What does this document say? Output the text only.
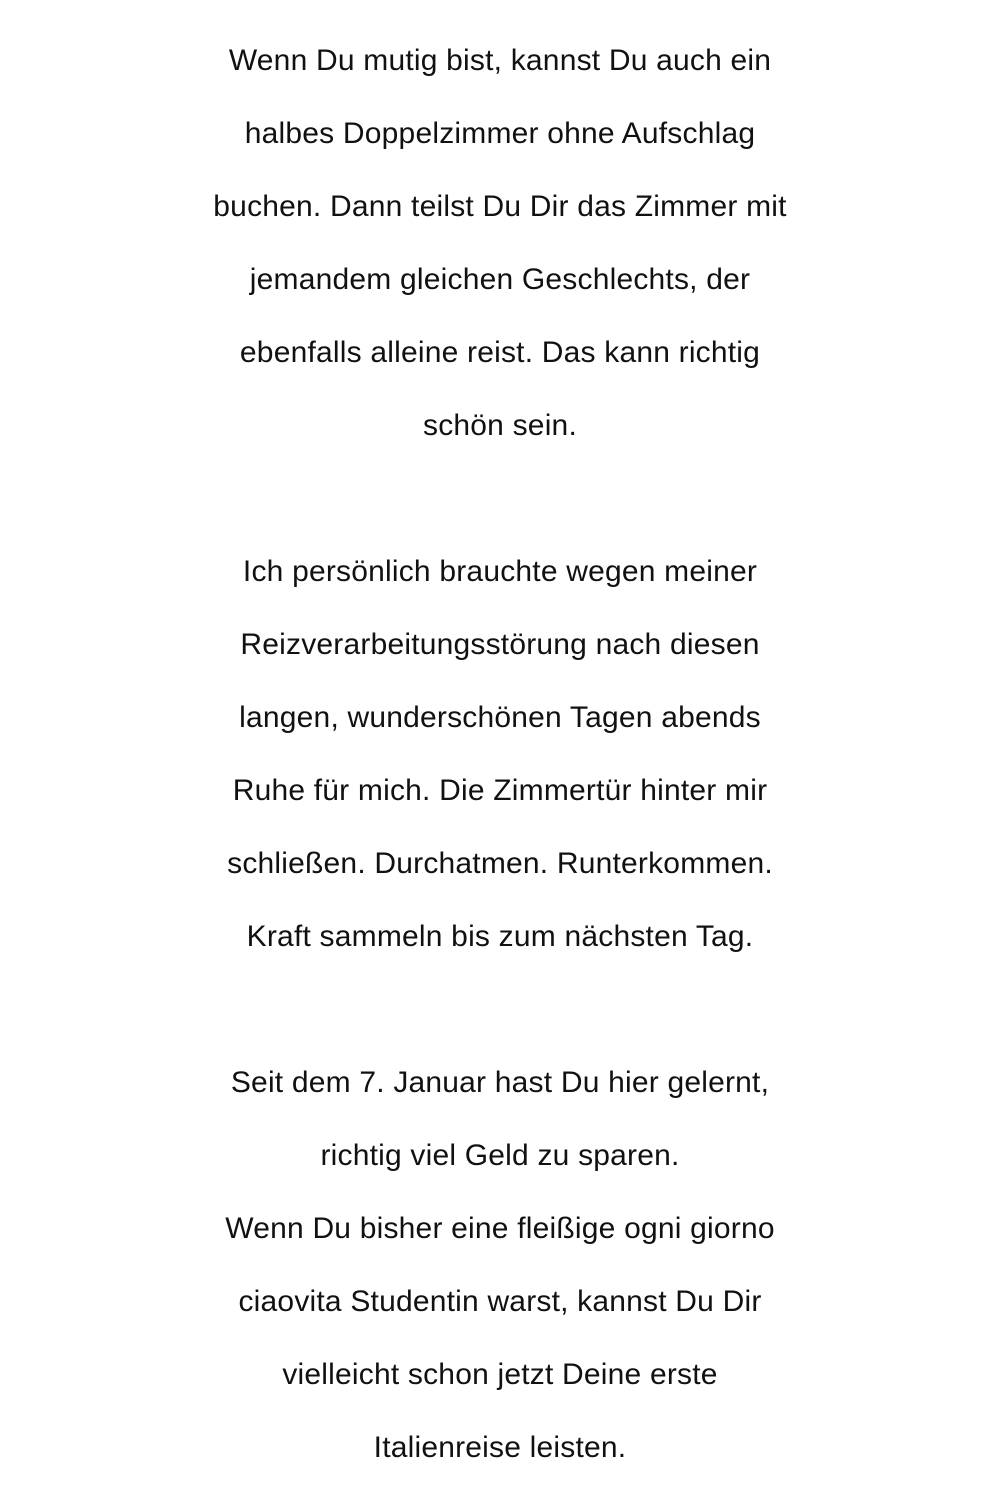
Wenn Du mutig bist, kannst Du auch ein
halbes Doppelzimmer ohne Aufschlag
buchen. Dann teilst Du Dir das Zimmer mit
jemandem gleichen Geschlechts, der
ebenfalls alleine reist. Das kann richtig
schön sein.
Ich persönlich brauchte wegen meiner
Reizverarbeitungsstörung nach diesen
langen, wunderschönen Tagen abends
Ruhe für mich. Die Zimmertür hinter mir
schließen. Durchatmen. Runterkommen.
Kraft sammeln bis zum nächsten Tag.
Seit dem 7. Januar hast Du hier gelernt,
richtig viel Geld zu sparen.
Wenn Du bisher eine fleißige ogni giorno
ciaovita Studentin warst, kannst Du Dir
vielleicht schon jetzt Deine erste
Italienreise leisten.
